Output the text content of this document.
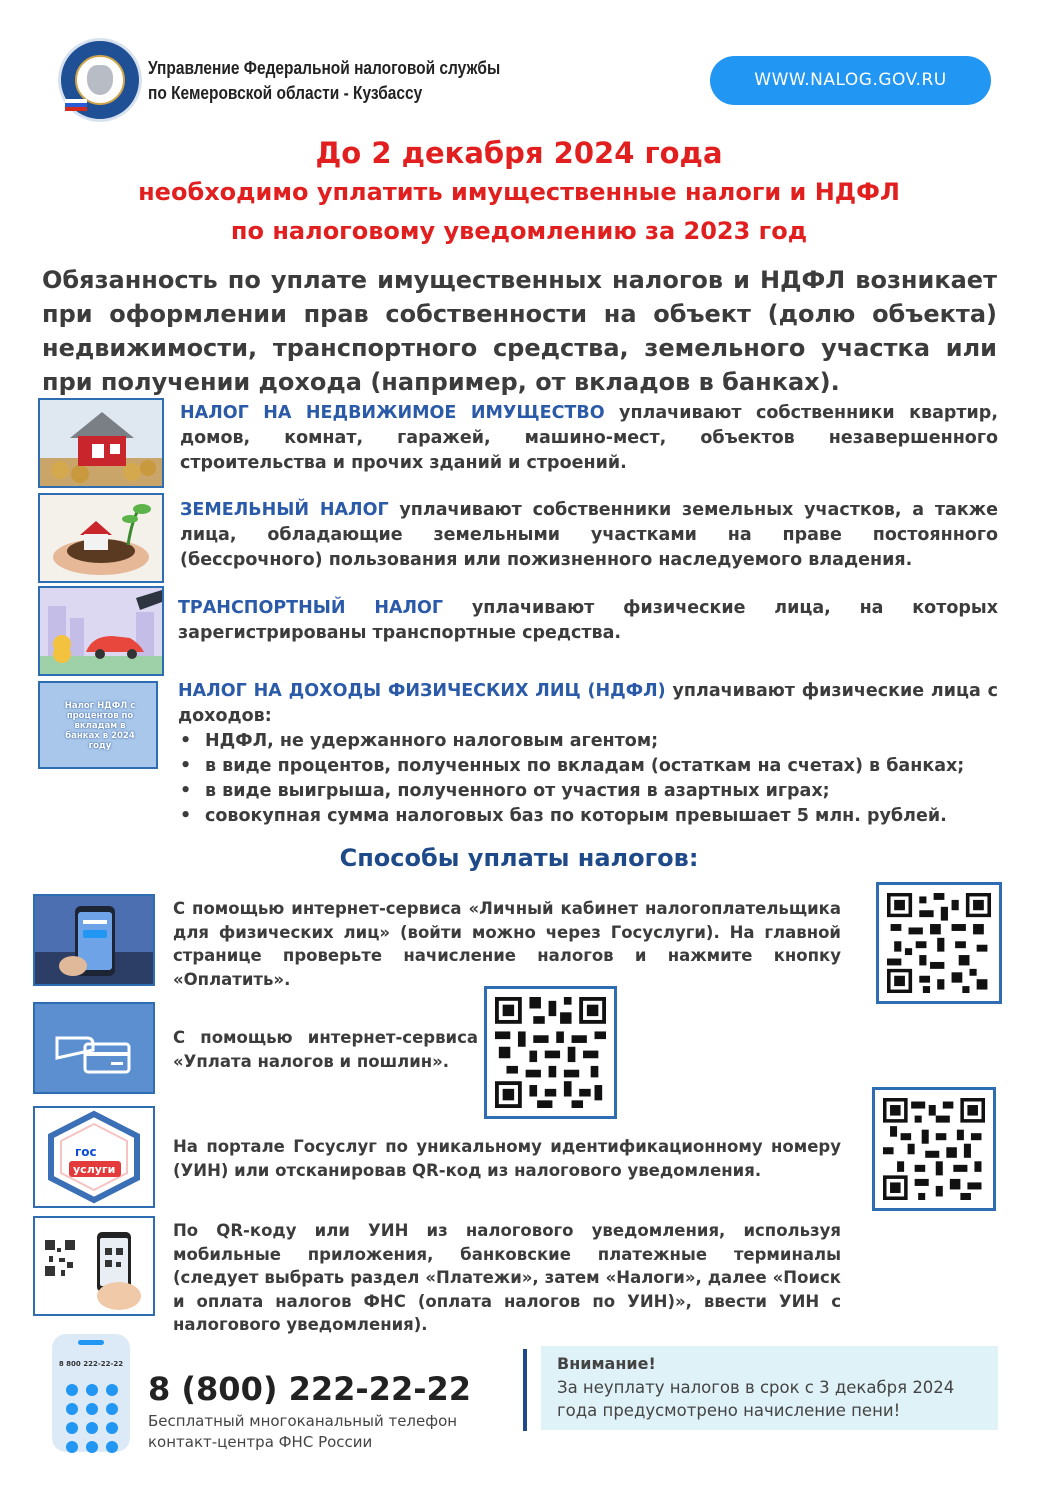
Управление Федеральной налоговой службы
по Кемеровской области - Кузбассу
WWW.NALOG.GOV.RU
До 2 декабря 2024 года
необходимо уплатить имущественные налоги и НДФЛ
по налоговому уведомлению за 2023 год
Обязанность по уплате имущественных налогов и НДФЛ возникает при оформлении прав собственности на объект (долю объекта) недвижимости, транспортного средства, земельного участка или при получении дохода (например, от вкладов в банках).
НАЛОГ НА НЕДВИЖИМОЕ ИМУЩЕСТВО уплачивают собственники квартир, домов, комнат, гаражей, машино-мест, объектов незавершенного строительства и прочих зданий и строений.
ЗЕМЕЛЬНЫЙ НАЛОГ уплачивают собственники земельных участков, а также лица, обладающие земельными участками на праве постоянного (бессрочного) пользования или пожизненного наследуемого владения.
ТРАНСПОРТНЫЙ НАЛОГ уплачивают физические лица, на которых зарегистрированы транспортные средства.
Налог НДФЛ с процентов по вкладам в банках в 2024 году
НАЛОГ НА ДОХОДЫ ФИЗИЧЕСКИХ ЛИЦ (НДФЛ) уплачивают физические лица с доходов:
• НДФЛ, не удержанного налоговым агентом;
• в виде процентов, полученных по вкладам (остаткам на счетах) в банках;
• в виде выигрыша, полученного от участия в азартных играх;
• совокупная сумма налоговых баз по которым превышает 5 млн. рублей.
Способы уплаты налогов:
С помощью интернет-сервиса «Личный кабинет налогоплательщика для физических лиц» (войти можно через Госуслуги). На главной странице проверьте начисление налогов и нажмите кнопку «Оплатить».
С помощью интернет-сервиса «Уплата налогов и пошлин».
гос
услуги
На портале Госуслуг по уникальному идентификационному номеру (УИН) или отсканировав QR-код из налогового уведомления.
По QR-коду или УИН из налогового уведомления, используя мобильные приложения, банковские платежные терминалы (следует выбрать раздел «Платежи», затем «Налоги», далее «Поиск и оплата налогов ФНС (оплата налогов по УИН)», ввести УИН с налогового уведомления).
8 800 222-22-22
8 (800) 222-22-22
Бесплатный многоканальный телефон
контакт-центра ФНС России
Внимание!
За неуплату налогов в срок с 3 декабря 2024 года предусмотрено начисление пени!
